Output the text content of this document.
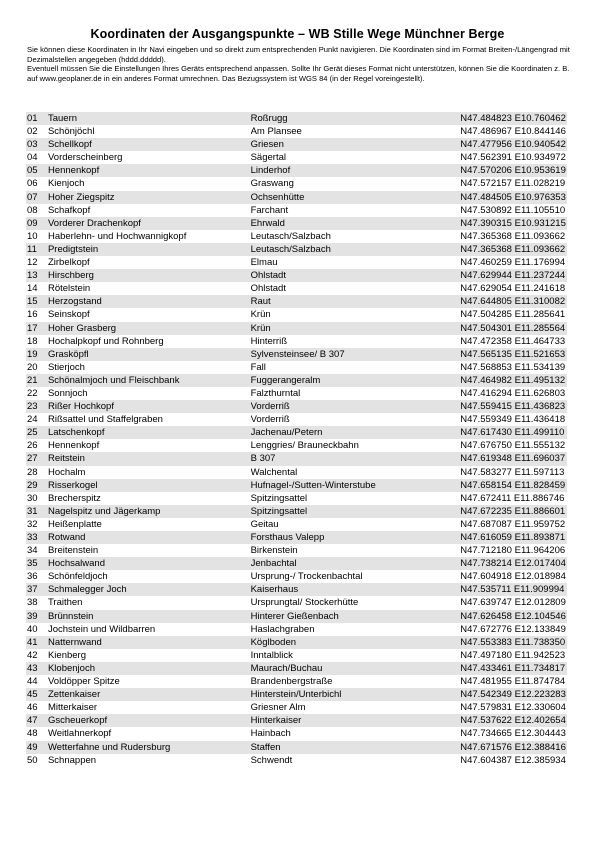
Koordinaten der Ausgangspunkte – WB Stille Wege Münchner Berge

Sie können diese Koordinaten in Ihr Navi eingeben und so direkt zum entsprechenden Punkt navigieren. Die Koordinaten sind im Format Breiten-/Längengrad mit Dezimalstellen angegeben (hddd.ddddd).

Eventuell müssen Sie die Einstellungen Ihres Geräts entsprechend anpassen. Sollte Ihr Gerät dieses Format nicht unterstützen, können Sie die Koordinaten z. B. auf www.geoplaner.de in ein anderes Format umrechnen. Das Bezugssystem ist WGS 84 (in der Regel voreingestellt).

01	Tauern	Roßrugg	N47.484823 E10.760462
02	Schönjöchl	Am Plansee	N47.486967 E10.844146
03	Schellkopf	Griesen	N47.477956 E10.940542
04	Vorderscheinberg	Sägertal	N47.562391 E10.934972
05	Hennenkopf	Linderhof	N47.570206 E10.953619
06	Kienjoch	Graswang	N47.572157 E11.028219
07	Hoher Ziegspitz	Ochsenhütte	N47.484505 E10.976353
08	Schafkopf	Farchant	N47.530892 E11.105510
09	Vorderer Drachenkopf	Ehrwald	N47.390315 E10.931215
10	Haberlehn- und Hochwannigkopf	Leutasch/Salzbach	N47.365368 E11.093662
11	Predigtstein	Leutasch/Salzbach	N47.365368 E11.093662
12	Zirbelkopf	Elmau	N47.460259 E11.176994
13	Hirschberg	Ohlstadt	N47.629944 E11.237244
14	Rötelstein	Ohlstadt	N47.629054 E11.241618
15	Herzogstand	Raut	N47.644805 E11.310082
16	Seinskopf	Krün	N47.504285 E11.285641
17	Hoher Grasberg	Krün	N47.504301 E11.285564
18	Hochalpkopf und Rohnberg	Hinterriß	N47.472358 E11.464733
19	Grasköpfl	Sylvensteinsee/ B 307	N47.565135 E11.521653
20	Stierjoch	Fall	N47.568853 E11.534139
21	Schönalmjoch und Fleischbank	Fuggerangeralm	N47.464982 E11.495132
22	Sonnjoch	Falzthurntal	N47.416294 E11.626803
23	Rißer Hochkopf	Vorderriß	N47.559415 E11.436823
24	Rißsattel und Staffelgraben	Vorderriß	N47.559349 E11.436418
25	Latschenkopf	Jachenau/Petern	N47.617430 E11.499110
26	Hennenkopf	Lenggries/ Brauneckbahn	N47.676750 E11.555132
27	Reitstein	B 307	N47.619348 E11.696037
28	Hochalm	Walchental	N47.583277 E11.597113
29	Risserkogel	Hufnagel-/Sutten-Winterstube	N47.658154 E11.828459
30	Brecherspitz	Spitzingsattel	N47.672411 E11.886746
31	Nagelspitz und Jägerkamp	Spitzingsattel	N47.672235 E11.886601
32	Heißenplatte	Geitau	N47.687087 E11.959752
33	Rotwand	Forsthaus Valepp	N47.616059 E11.893871
34	Breitenstein	Birkenstein	N47.712180 E11.964206
35	Hochsalwand	Jenbachtal	N47.738214 E12.017404
36	Schönfeldjoch	Ursprung-/ Trockenbachtal	N47.604918 E12.018984
37	Schmalegger Joch	Kaiserhaus	N47.535711 E11.909994
38	Traithen	Ursprungtal/ Stockerhütte	N47.639747 E12.012809
39	Brünnstein	Hinterer Gießenbach	N47.626458 E12.104546
40	Jochstein und Wildbarren	Haslachgraben	N47.672776 E12.133849
41	Natternwand	Köglboden	N47.553383 E11.738350
42	Kienberg	Inntalblick	N47.497180 E11.942523
43	Klobenjoch	Maurach/Buchau	N47.433461 E11.734817
44	Voldöpper Spitze	Brandenbergstraße	N47.481955 E11.874784
45	Zettenkaiser	Hinterstein/Unterbichl	N47.542349 E12.223283
46	Mitterkaiser	Griesner Alm	N47.579831 E12.330604
47	Gscheuerkopf	Hinterkaiser	N47.537622 E12.402654
48	Weitlahnerkopf	Hainbach	N47.734665 E12.304443
49	Wetterfahne und Rudersburg	Staffen	N47.671576 E12.388416
50	Schnappen	Schwendt	N47.604387 E12.385934
